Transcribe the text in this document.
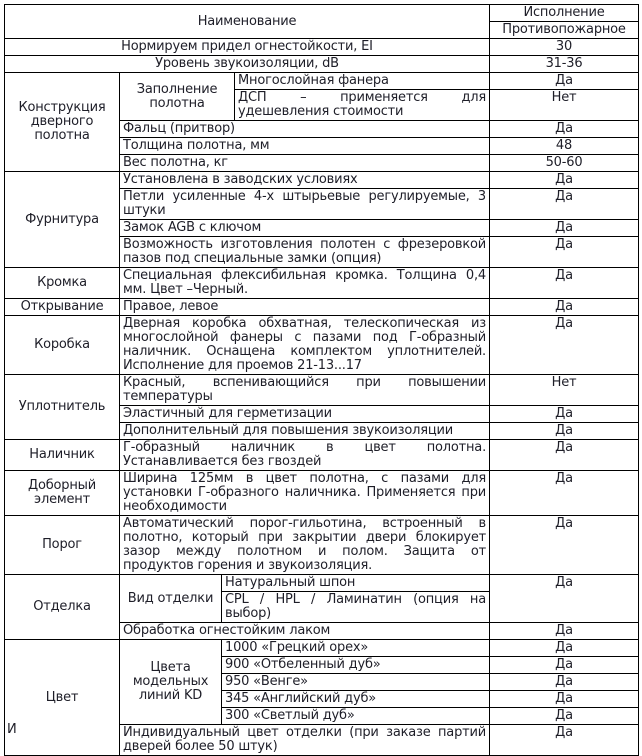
Наименование				Исполнение
				Противопожарное
Нормируем придел огнестойкости, EI				30
Уровень звукоизоляции, dB				31-36
Конструкция дверного полотна	Заполнение полотна		Многослойная фанера	Да
			ДСП – применяется для удешевления стоимости	Нет
	Фальц (притвор)			Да
	Толщина полотна, мм			48
	Вес полотна, кг			50-60
Фурнитура	Установлена в заводских условиях			Да
	Петли усиленные 4-х штырьевые регулируемые, 3 штуки			Да
	Замок AGB с ключом			Да
	Возможность изготовления полотен с фрезеровкой пазов под специальные замки (опция)			Да
Кромка	Специальная флексибильная кромка. Толщина 0,4 мм. Цвет –Черный.			Да
Открывание	Правое, левое			Да
Коробка	Дверная коробка обхватная, телескопическая из многослойной фанеры с пазами под Г-образный наличник. Оснащена комплектом уплотнителей. Исполнение для проемов 21-13...17			Да
Уплотнитель	Красный, вспенивающийся при повышении температуры			Нет
	Эластичный для герметизации			Да
	Дополнительный для повышения звукоизоляции			Да
Наличник	Г-образный наличник в цвет полотна. Устанавливается без гвоздей			Да
Доборный элемент	Ширина 125мм в цвет полотна, с пазами для установки Г-образного наличника. Применяется при необходимости			Да
Порог	Автоматический порог-гильотина, встроенный в полотно, который при закрытии двери блокирует зазор между полотном и полом. Защита от продуктов горения и звукоизоляция.			Да
Отделка	Вид отделки	Натуральный шпон		Да
		CPL / HPL / Ламинатин (опция на выбор)		
	Обработка огнестойким лаком			Да
Цвет	Цвета модельных линий KD	1000 «Грецкий орех»		Да
		900 «Отбеленный дуб»		Да
		950 «Венге»		Да
		345 «Английский дуб»		Да
		300 «Светлый дуб»		Да
	Индивидуальный цвет отделки (при заказе партий дверей более 50 штук)			Да
И
